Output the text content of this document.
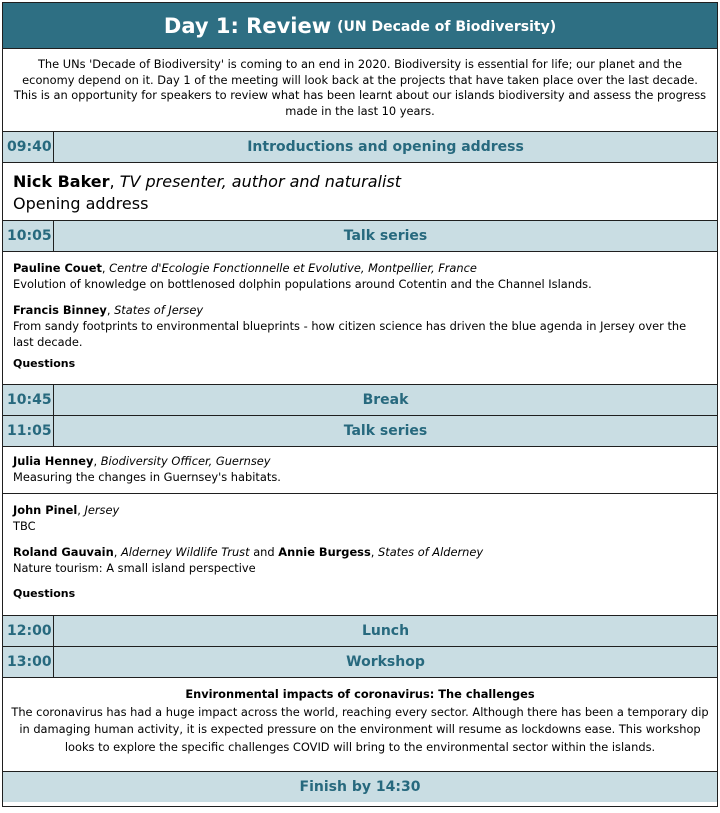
Day 1: Review (UN Decade of Biodiversity)
The UNs 'Decade of Biodiversity' is coming to an end in 2020. Biodiversity is essential for life; our planet and the economy depend on it. Day 1 of the meeting will look back at the projects that have taken place over the last decade. This is an opportunity for speakers to review what has been learnt about our islands biodiversity and assess the progress made in the last 10 years.
09:40	Introductions and opening address
Nick Baker, TV presenter, author and naturalist
Opening address
10:05	Talk series
Pauline Couet, Centre d'Ecologie Fonctionnelle et Evolutive, Montpellier, France
Evolution of knowledge on bottlenosed dolphin populations around Cotentin and the Channel Islands.
Francis Binney, States of Jersey
From sandy footprints to environmental blueprints - how citizen science has driven the blue agenda in Jersey over the last decade.
Questions
10:45	Break
11:05	Talk series
Julia Henney, Biodiversity Officer, Guernsey
Measuring the changes in Guernsey's habitats.
John Pinel, Jersey
TBC
Roland Gauvain, Alderney Wildlife Trust and Annie Burgess, States of Alderney
Nature tourism: A small island perspective
Questions
12:00	Lunch
13:00	Workshop
Environmental impacts of coronavirus: The challenges
The coronavirus has had a huge impact across the world, reaching every sector. Although there has been a temporary dip in damaging human activity, it is expected pressure on the environment will resume as lockdowns ease. This workshop looks to explore the specific challenges COVID will bring to the environmental sector within the islands.
Finish by 14:30
